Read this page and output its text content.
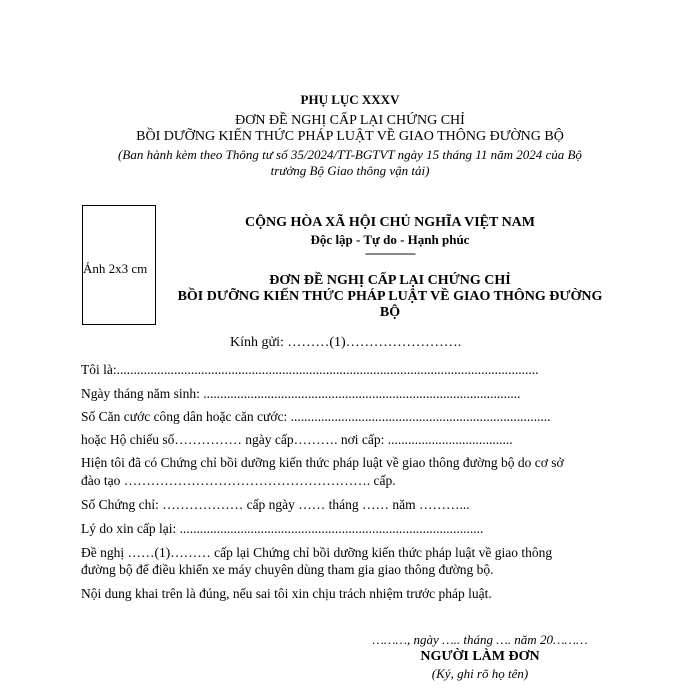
PHỤ LỤC XXXV
ĐƠN ĐỀ NGHỊ CẤP LẠI CHỨNG CHỈ
BỒI DƯỠNG KIẾN THỨC PHÁP LUẬT VỀ GIAO THÔNG ĐƯỜNG BỘ
(Ban hành kèm theo Thông tư số 35/2024/TT-BGTVT ngày 15 tháng 11 năm 2024 của Bộ
trưởng Bộ Giao thông vận tải)
Ảnh 2x3 cm
CỘNG HÒA XÃ HỘI CHỦ NGHĨA VIỆT NAM
Độc lập - Tự do - Hạnh phúc
---------------
ĐƠN ĐỀ NGHỊ CẤP LẠI CHỨNG CHỈ
BỒI DƯỠNG KIẾN THỨC PHÁP LUẬT VỀ GIAO THÔNG ĐƯỜNG
BỘ
Kính gửi: ………(1)…………………….
Tôi là:.............................................................................................................................
Ngày tháng năm sinh: ..............................................................................................
Số Căn cước công dân hoặc căn cước: .............................................................................
hoặc Hộ chiếu số…………… ngày cấp………. nơi cấp: .....................................
Hiện tôi đã có Chứng chỉ bồi dưỡng kiến thức pháp luật về giao thông đường bộ do cơ sở
đào tạo ………………………………………………. cấp.
Số Chứng chỉ: ……………… cấp ngày …… tháng …… năm ………...
Lý do xin cấp lại: ..........................................................................................
Đề nghị ……(1)……… cấp lại Chứng chỉ bồi dưỡng kiến thức pháp luật về giao thông
đường bộ để điều khiển xe máy chuyên dùng tham gia giao thông đường bộ.
Nội dung khai trên là đúng, nếu sai tôi xin chịu trách nhiệm trước pháp luật.
………, ngày ….. tháng …. năm 20………
NGƯỜI LÀM ĐƠN
(Ký, ghi rõ họ tên)
